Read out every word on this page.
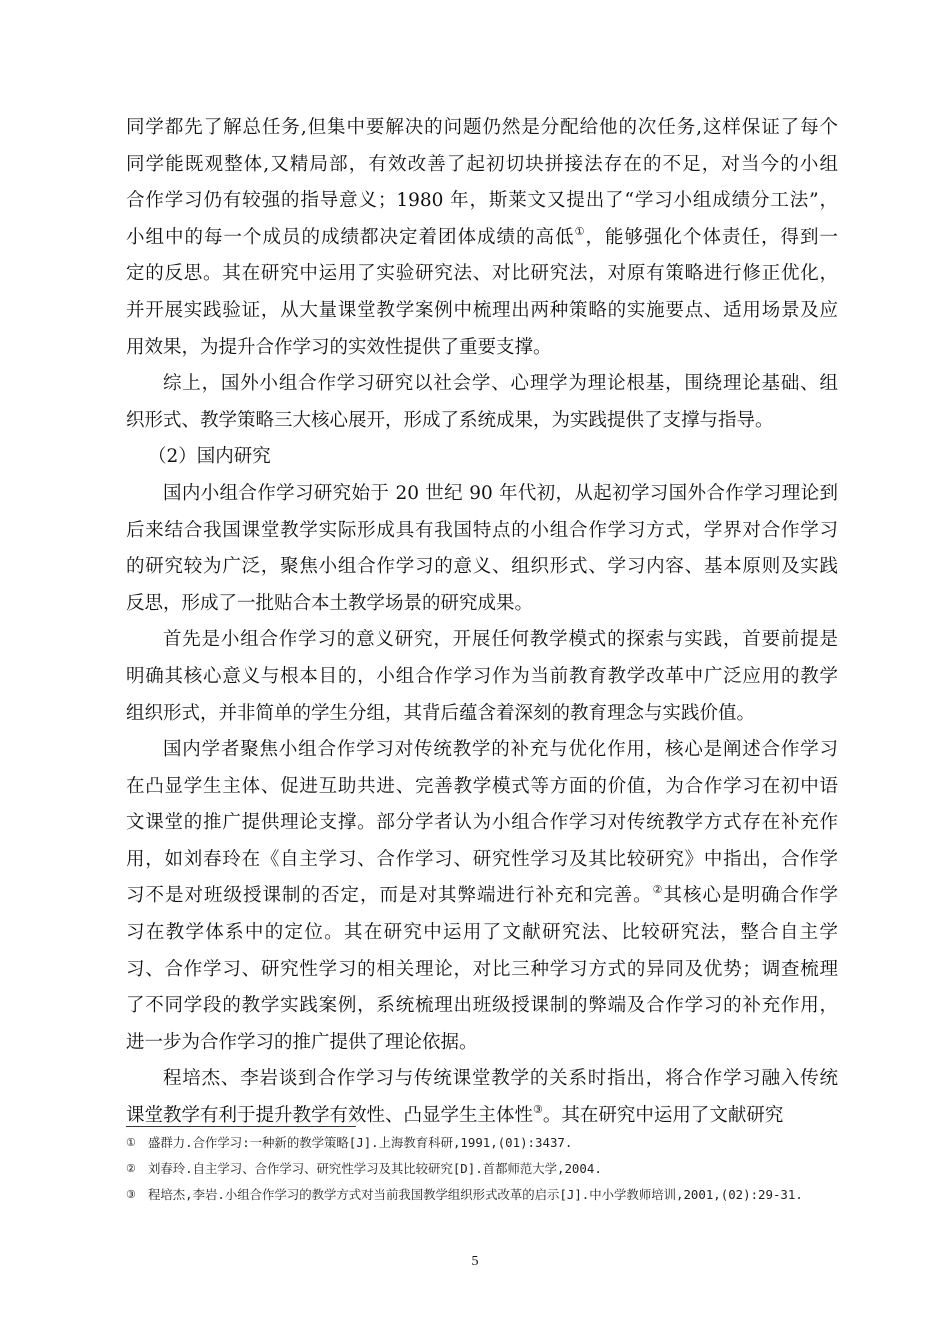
同学都先了解总任务,但集中要解决的问题仍然是分配给他的次任务,这样保证了每个
同学能既观整体,又精局部，有效改善了起初切块拼接法存在的不足，对当今的小组
合作学习仍有较强的指导意义；1980 年，斯莱文又提出了“学习小组成绩分工法”，
小组中的每一个成员的成绩都决定着团体成绩的高低①，能够强化个体责任，得到一
定的反思。其在研究中运用了实验研究法、对比研究法，对原有策略进行修正优化，
并开展实践验证，从大量课堂教学案例中梳理出两种策略的实施要点、适用场景及应
用效果，为提升合作学习的实效性提供了重要支撑。
综上，国外小组合作学习研究以社会学、心理学为理论根基，围绕理论基础、组
织形式、教学策略三大核心展开，形成了系统成果，为实践提供了支撑与指导。
（2）国内研究
国内小组合作学习研究始于 20 世纪 90 年代初，从起初学习国外合作学习理论到
后来结合我国课堂教学实际形成具有我国特点的小组合作学习方式，学界对合作学习
的研究较为广泛，聚焦小组合作学习的意义、组织形式、学习内容、基本原则及实践
反思，形成了一批贴合本土教学场景的研究成果。
首先是小组合作学习的意义研究，开展任何教学模式的探索与实践，首要前提是
明确其核心意义与根本目的，小组合作学习作为当前教育教学改革中广泛应用的教学
组织形式，并非简单的学生分组，其背后蕴含着深刻的教育理念与实践价值。
国内学者聚焦小组合作学习对传统教学的补充与优化作用，核心是阐述合作学习
在凸显学生主体、促进互助共进、完善教学模式等方面的价值，为合作学习在初中语
文课堂的推广提供理论支撑。部分学者认为小组合作学习对传统教学方式存在补充作
用，如刘春玲在《自主学习、合作学习、研究性学习及其比较研究》中指出，合作学
习不是对班级授课制的否定，而是对其弊端进行补充和完善。②其核心是明确合作学
习在教学体系中的定位。其在研究中运用了文献研究法、比较研究法，整合自主学
习、合作学习、研究性学习的相关理论，对比三种学习方式的异同及优势；调查梳理
了不同学段的教学实践案例，系统梳理出班级授课制的弊端及合作学习的补充作用，
进一步为合作学习的推广提供了理论依据。
程培杰、李岩谈到合作学习与传统课堂教学的关系时指出，将合作学习融入传统
课堂教学有利于提升教学有效性、凸显学生主体性③。其在研究中运用了文献研究
① 盛群力.合作学习:一种新的教学策略[J].上海教育科研,1991,(01):3437.
② 刘春玲.自主学习、合作学习、研究性学习及其比较研究[D].首都师范大学,2004.
③ 程培杰,李岩.小组合作学习的教学方式对当前我国教学组织形式改革的启示[J].中小学教师培训,2001,(02):29-31.
5
